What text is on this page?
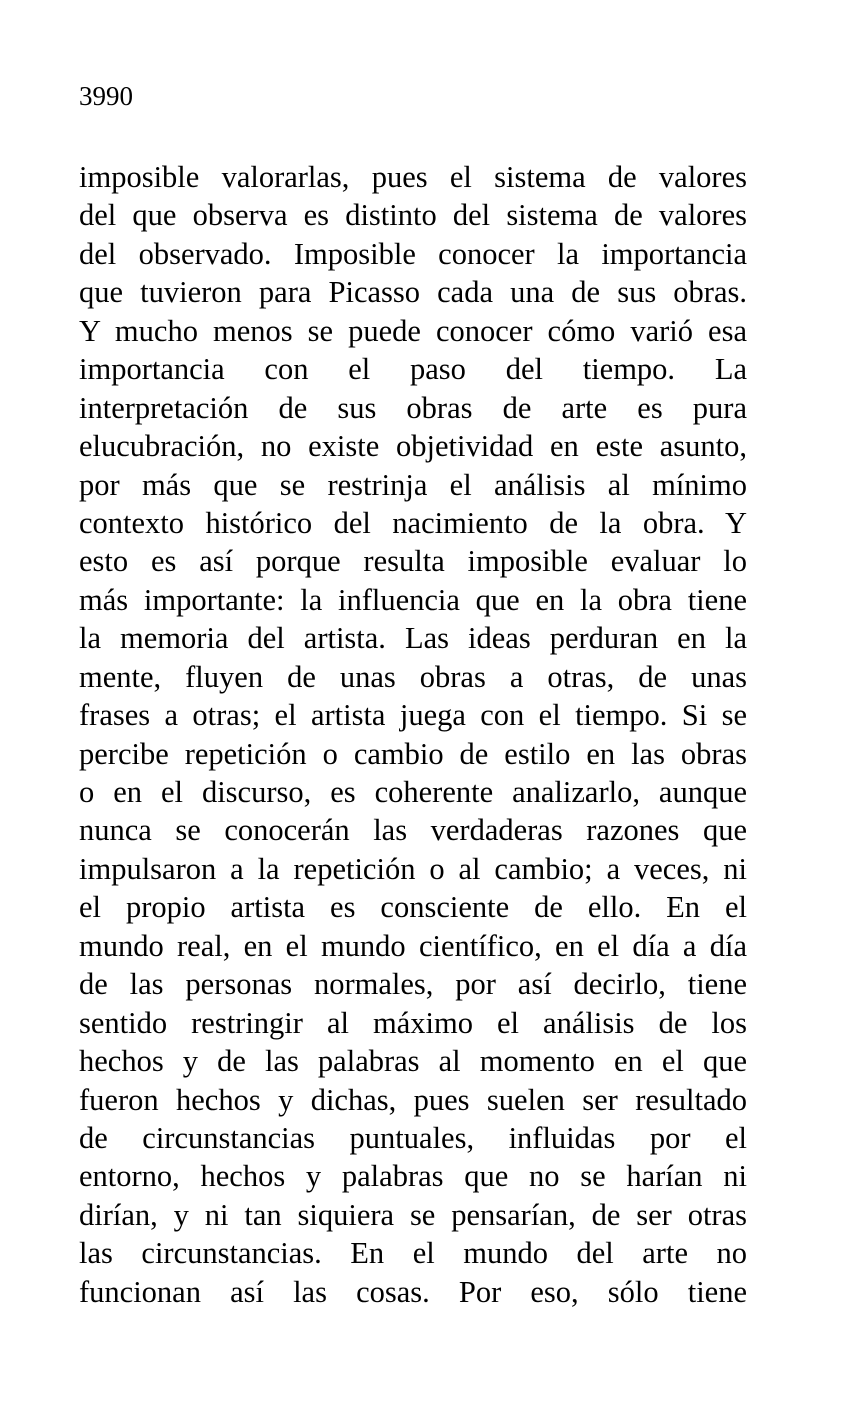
3990
imposible valorarlas, pues el sistema de valores
del que observa es distinto del sistema de valores
del observado. Imposible conocer la importancia
que tuvieron para Picasso cada una de sus obras.
Y mucho menos se puede conocer cómo varió esa
importancia con el paso del tiempo. La
interpretación de sus obras de arte es pura
elucubración, no existe objetividad en este asunto,
por más que se restrinja el análisis al mínimo
contexto histórico del nacimiento de la obra. Y
esto es así porque resulta imposible evaluar lo
más importante: la influencia que en la obra tiene
la memoria del artista. Las ideas perduran en la
mente, fluyen de unas obras a otras, de unas
frases a otras; el artista juega con el tiempo. Si se
percibe repetición o cambio de estilo en las obras
o en el discurso, es coherente analizarlo, aunque
nunca se conocerán las verdaderas razones que
impulsaron a la repetición o al cambio; a veces, ni
el propio artista es consciente de ello. En el
mundo real, en el mundo científico, en el día a día
de las personas normales, por así decirlo, tiene
sentido restringir al máximo el análisis de los
hechos y de las palabras al momento en el que
fueron hechos y dichas, pues suelen ser resultado
de circunstancias puntuales, influidas por el
entorno, hechos y palabras que no se harían ni
dirían, y ni tan siquiera se pensarían, de ser otras
las circunstancias. En el mundo del arte no
funcionan así las cosas. Por eso, sólo tiene
